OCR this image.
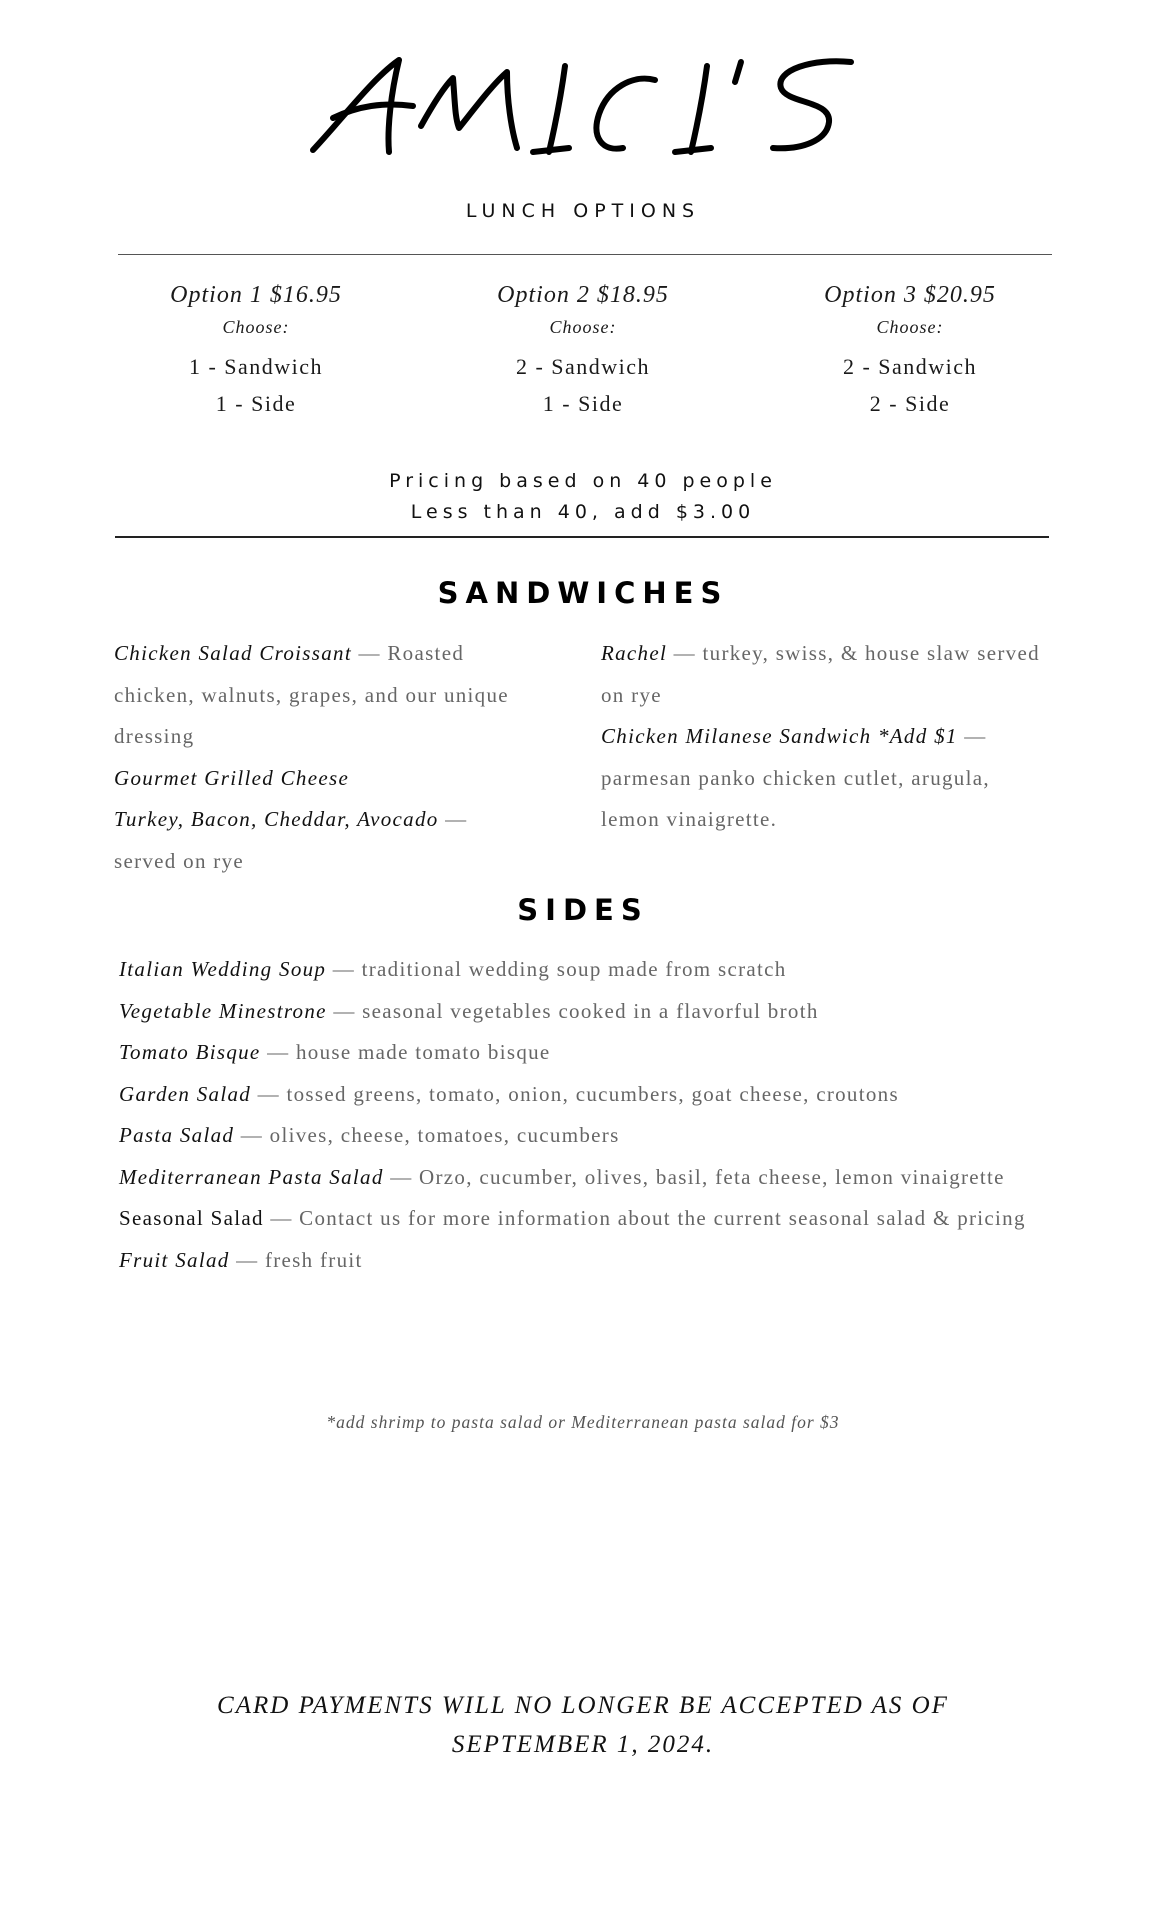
LUNCH OPTIONS
Option 1 $16.95
Choose:
1 - Sandwich
1 - Side
Option 2 $18.95
Choose:
2 - Sandwich
1 - Side
Option 3 $20.95
Choose:
2 - Sandwich
2 - Side
Pricing based on 40 people
Less than 40, add $3.00
SANDWICHES
Chicken Salad Croissant — Roasted chicken, walnuts, grapes, and our unique dressing
Gourmet Grilled Cheese
Turkey, Bacon, Cheddar, Avocado — served on rye
Rachel — turkey, swiss, & house slaw served on rye
Chicken Milanese Sandwich *Add $1 — parmesan panko chicken cutlet, arugula, lemon vinaigrette.
SIDES
Italian Wedding Soup — traditional wedding soup made from scratch
Vegetable Minestrone — seasonal vegetables cooked in a flavorful broth
Tomato Bisque — house made tomato bisque
Garden Salad — tossed greens, tomato, onion, cucumbers, goat cheese, croutons
Pasta Salad — olives, cheese, tomatoes, cucumbers
Mediterranean Pasta Salad — Orzo, cucumber, olives, basil, feta cheese, lemon vinaigrette
Seasonal Salad — Contact us for more information about the current seasonal salad & pricing
Fruit Salad — fresh fruit
*add shrimp to pasta salad or Mediterranean pasta salad for $3
CARD PAYMENTS WILL NO LONGER BE ACCEPTED AS OF SEPTEMBER 1, 2024.
